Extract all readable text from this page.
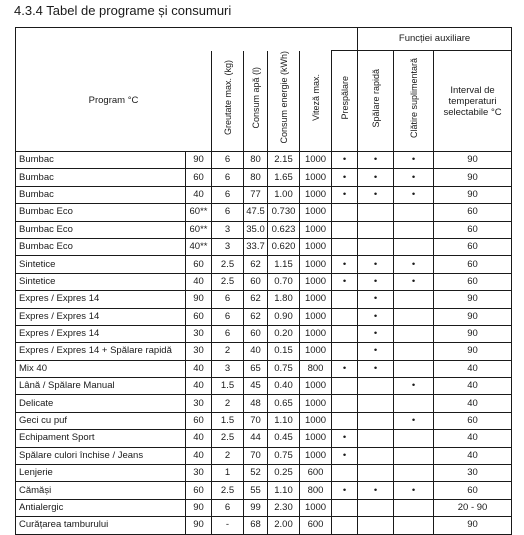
4.3.4 Tabel de programe și consumuri
							Funcției auxiliare			
Program °C		Greutate max. (kg)	Consum apă (l)	Consum energie (kWh)	Viteză max.	Prespălare	Spălare rapidă	Clătire suplimentară	Interval de temperaturi selectabile °C	
Bumbac	90	6	80	2.15	1000	•	•	•	90	
Bumbac	60	6	80	1.65	1000	•	•	•	90	
Bumbac	40	6	77	1.00	1000	•	•	•	90	
Bumbac Eco	60**	6	47.5	0.730	1000				60	
Bumbac Eco	60**	3	35.0	0.623	1000				60	
Bumbac Eco	40**	3	33.7	0.620	1000				60	
Sintetice	60	2.5	62	1.15	1000	•	•	•	60	
Sintetice	40	2.5	60	0.70	1000	•	•	•	60	
Expres / Expres 14	90	6	62	1.80	1000		•		90	
Expres / Expres 14	60	6	62	0.90	1000		•		90	
Expres / Expres 14	30	6	60	0.20	1000		•		90	
Expres / Expres 14 + Spălare rapidă	30	2	40	0.15	1000		•		90	
Mix 40	40	3	65	0.75	800	•	•		40	
Lână / Spălare Manual	40	1.5	45	0.40	1000			•	40	
Delicate	30	2	48	0.65	1000				40	
Geci cu puf	60	1.5	70	1.10	1000			•	60	
Echipament Sport	40	2.5	44	0.45	1000	•			40	
Spălare culori închise / Jeans	40	2	70	0.75	1000	•			40	
Lenjerie	30	1	52	0.25	600				30	
Cămăși	60	2.5	55	1.10	800	•	•	•	60	
Antialergic	90	6	99	2.30	1000				20 - 90	
Curățarea tamburului	90	-	68	2.00	600				90	
